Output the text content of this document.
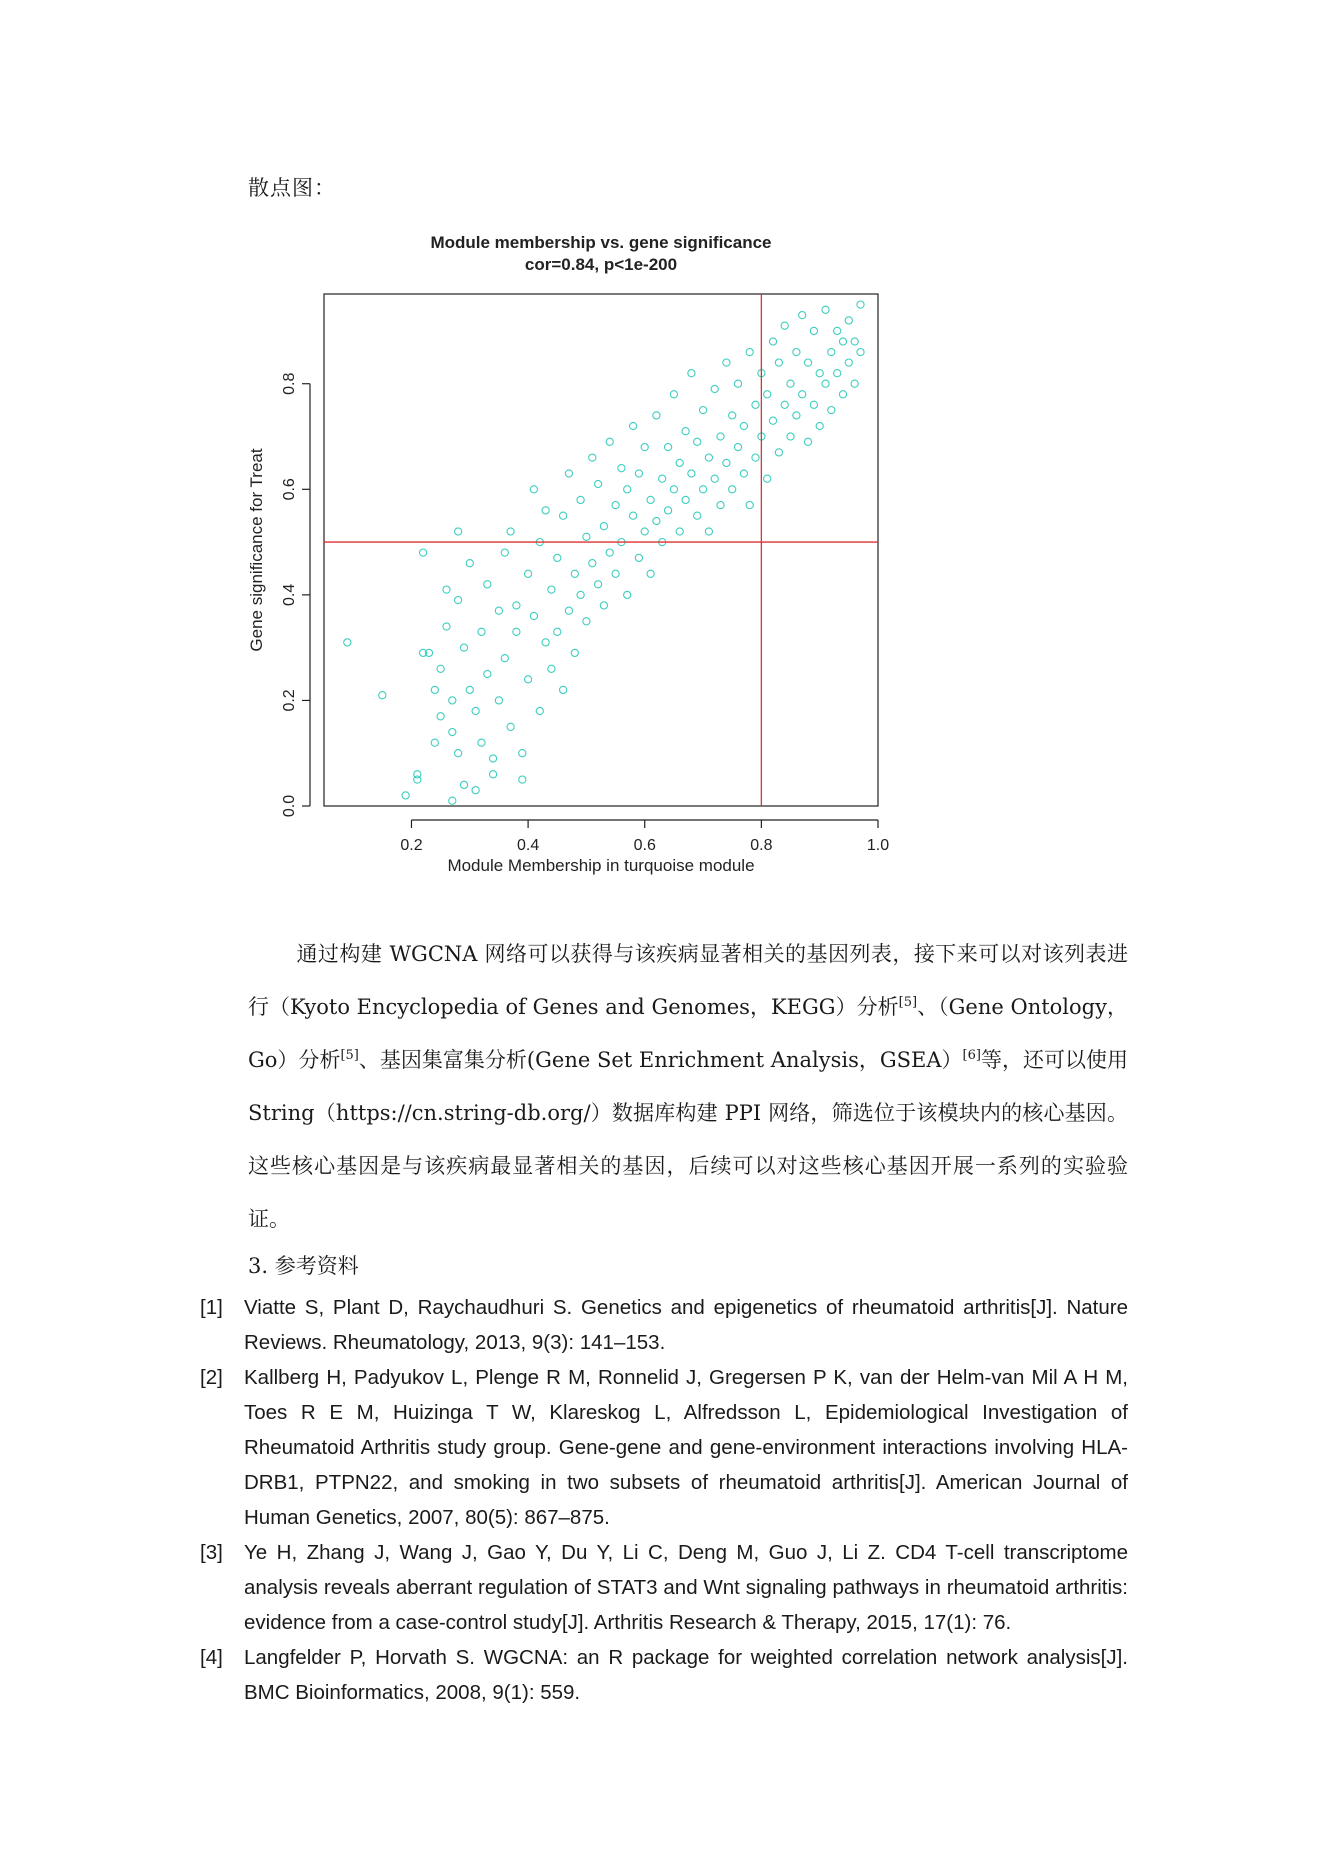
散点图：
Module membership vs. gene significance
cor=0.84, p<1e-200
0.0
0.2
0.4
0.6
0.8
0.2	0.4	0.6	0.8	1.0
Module Membership in turquoise module
Gene significance for Treat
通过构建 WGCNA 网络可以获得与该疾病显著相关的基因列表，接下来可以对该列表进行（Kyoto Encyclopedia of Genes and Genomes，KEGG）分析[5]、（Gene Ontology，Go）分析[5]、基因集富集分析(Gene Set Enrichment Analysis，GSEA）[6]等，还可以使用 String（https://cn.string-db.org/）数据库构建 PPI 网络，筛选位于该模块内的核心基因。这些核心基因是与该疾病最显著相关的基因，后续可以对这些核心基因开展一系列的实验验证。
3. 参考资料
[1] Viatte S, Plant D, Raychaudhuri S. Genetics and epigenetics of rheumatoid arthritis[J]. Nature Reviews. Rheumatology, 2013, 9(3): 141–153.
[2] Kallberg H, Padyukov L, Plenge R M, Ronnelid J, Gregersen P K, van der Helm-van Mil A H M, Toes R E M, Huizinga T W, Klareskog L, Alfredsson L, Epidemiological Investigation of Rheumatoid Arthritis study group. Gene-gene and gene-environment interactions involving HLA-DRB1, PTPN22, and smoking in two subsets of rheumatoid arthritis[J]. American Journal of Human Genetics, 2007, 80(5): 867–875.
[3] Ye H, Zhang J, Wang J, Gao Y, Du Y, Li C, Deng M, Guo J, Li Z. CD4 T-cell transcriptome analysis reveals aberrant regulation of STAT3 and Wnt signaling pathways in rheumatoid arthritis: evidence from a case-control study[J]. Arthritis Research & Therapy, 2015, 17(1): 76.
[4] Langfelder P, Horvath S. WGCNA: an R package for weighted correlation network analysis[J]. BMC Bioinformatics, 2008, 9(1): 559.
